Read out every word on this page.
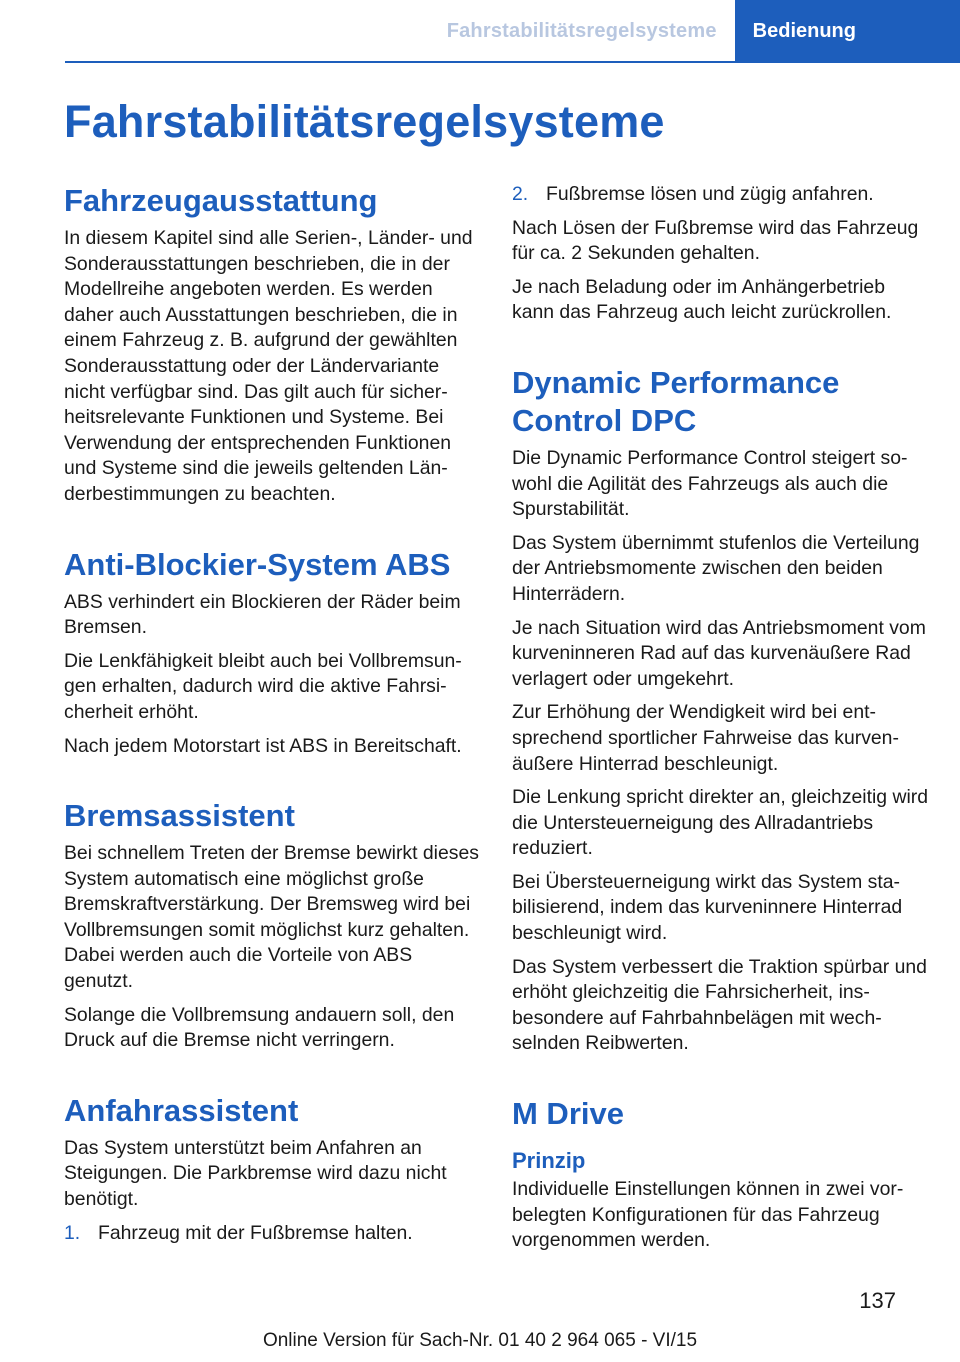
Fahrstabilitätsregelsysteme	Bedienung
Fahrstabilitätsregelsysteme
Fahrzeugausstattung

In diesem Kapitel sind alle Serien-, Länder- und Sonderausstattungen beschrieben, die in der Modellreihe angeboten werden. Es werden daher auch Ausstattungen beschrieben, die in einem Fahrzeug z. B. aufgrund der gewählten Sonderausstattung oder der Ländervariante nicht verfügbar sind. Das gilt auch für sicherheitsrelevante Funktionen und Systeme. Bei Verwendung der entsprechenden Funktionen und Systeme sind die jeweils geltenden Länderbestimmungen zu beachten.

Anti-Blockier-System ABS

ABS verhindert ein Blockieren der Räder beim Bremsen.

Die Lenkfähigkeit bleibt auch bei Vollbremsungen erhalten, dadurch wird die aktive Fahrsicherheit erhöht.

Nach jedem Motorstart ist ABS in Bereitschaft.

Bremsassistent

Bei schnellem Treten der Bremse bewirkt dieses System automatisch eine möglichst große Bremskraftverstärkung. Der Bremsweg wird bei Vollbremsungen somit möglichst kurz gehalten. Dabei werden auch die Vorteile von ABS genutzt.

Solange die Vollbremsung andauern soll, den Druck auf die Bremse nicht verringern.

Anfahrassistent

Das System unterstützt beim Anfahren an Steigungen. Die Parkbremse wird dazu nicht benötigt.

1. Fahrzeug mit der Fußbremse halten.
2. Fußbremse lösen und zügig anfahren.

Nach Lösen der Fußbremse wird das Fahrzeug für ca. 2 Sekunden gehalten.

Je nach Beladung oder im Anhängerbetrieb kann das Fahrzeug auch leicht zurückrollen.

Dynamic Performance Control DPC

Die Dynamic Performance Control steigert sowohl die Agilität des Fahrzeugs als auch die Spurstabilität.

Das System übernimmt stufenlos die Verteilung der Antriebsmomente zwischen den beiden Hinterrädern.

Je nach Situation wird das Antriebsmoment vom kurveninneren Rad auf das kurvenäußere Rad verlagert oder umgekehrt.

Zur Erhöhung der Wendigkeit wird bei entsprechend sportlicher Fahrweise das kurvenäußere Hinterrad beschleunigt.

Die Lenkung spricht direkter an, gleichzeitig wird die Untersteuerneigung des Allradantriebs reduziert.

Bei Übersteuerneigung wirkt das System stabilisierend, indem das kurveninnere Hinterrad beschleunigt wird.

Das System verbessert die Traktion spürbar und erhöht gleichzeitig die Fahrsicherheit, insbesondere auf Fahrbahnbelägen mit wechselnden Reibwerten.

M Drive
Prinzip

Individuelle Einstellungen können in zwei vorbelegten Konfigurationen für das Fahrzeug vorgenommen werden.

137
Online Version für Sach-Nr. 01 40 2 964 065 - VI/15
